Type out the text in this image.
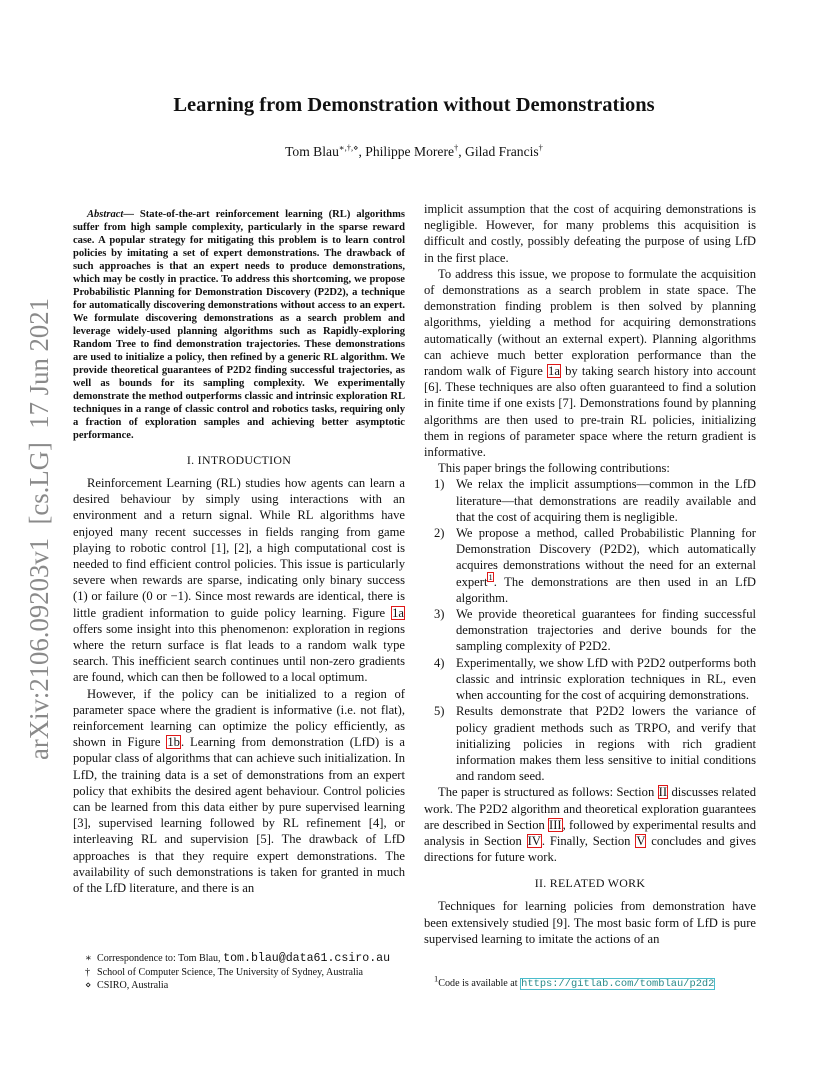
arXiv:2106.09203v1  [cs.LG]  17 Jun 2021
Learning from Demonstration without Demonstrations
Tom Blau∗,†,⋄, Philippe Morere†, Gilad Francis†

Abstract— State-of-the-art reinforcement learning (RL) algorithms suffer from high sample complexity, particularly in the sparse reward case. A popular strategy for mitigating this problem is to learn control policies by imitating a set of expert demonstrations. The drawback of such approaches is that an expert needs to produce demonstrations, which may be costly in practice. To address this shortcoming, we propose Probabilistic Planning for Demonstration Discovery (P2D2), a technique for automatically discovering demonstrations without access to an expert. We formulate discovering demonstrations as a search problem and leverage widely-used planning algorithms such as Rapidly-exploring Random Tree to find demonstration trajectories. These demonstrations are used to initialize a policy, then refined by a generic RL algorithm. We provide theoretical guarantees of P2D2 finding successful trajectories, as well as bounds for its sampling complexity. We experimentally demonstrate the method outperforms classic and intrinsic exploration RL techniques in a range of classic control and robotics tasks, requiring only a fraction of exploration samples and achieving better asymptotic performance.

I. INTRODUCTION

Reinforcement Learning (RL) studies how agents can learn a desired behaviour by simply using interactions with an environment and a return signal. While RL algorithms have enjoyed many recent successes in fields ranging from game playing to robotic control [1], [2], a high computational cost is needed to find efficient control policies. This issue is particularly severe when rewards are sparse, indicating only binary success (1) or failure (0 or −1). Since most rewards are identical, there is little gradient information to guide policy learning. Figure 1a offers some insight into this phenomenon: exploration in regions where the return surface is flat leads to a random walk type search. This inefficient search continues until non-zero gradients are found, which can then be followed to a local optimum.

However, if the policy can be initialized to a region of parameter space where the gradient is informative (i.e. not flat), reinforcement learning can optimize the policy efficiently, as shown in Figure 1b. Learning from demonstration (LfD) is a popular class of algorithms that can achieve such initialization. In LfD, the training data is a set of demonstrations from an expert policy that exhibits the desired agent behaviour. Control policies can be learned from this data either by pure supervised learning [3], supervised learning followed by RL refinement [4], or interleaving RL and supervision [5]. The drawback of LfD approaches is that they require expert demonstrations. The availability of such demonstrations is taken for granted in much of the LfD literature, and there is an

implicit assumption that the cost of acquiring demonstrations is negligible. However, for many problems this acquisition is difficult and costly, possibly defeating the purpose of using LfD in the first place.

To address this issue, we propose to formulate the acquisition of demonstrations as a search problem in state space. The demonstration finding problem is then solved by planning algorithms, yielding a method for acquiring demonstrations automatically (without an external expert). Planning algorithms can achieve much better exploration performance than the random walk of Figure 1a by taking search history into account [6]. These techniques are also often guaranteed to find a solution in finite time if one exists [7]. Demonstrations found by planning algorithms are then used to pre-train RL policies, initializing them in regions of parameter space where the return gradient is informative.

This paper brings the following contributions:

1) We relax the implicit assumptions—common in the LfD literature—that demonstrations are readily available and that the cost of acquiring them is negligible.
2) We propose a method, called Probabilistic Planning for Demonstration Discovery (P2D2), which automatically acquires demonstrations without the need for an external expert$^1$. The demonstrations are then used in an LfD algorithm.
3) We provide theoretical guarantees for finding successful demonstration trajectories and derive bounds for the sampling complexity of P2D2.
4) Experimentally, we show LfD with P2D2 outperforms both classic and intrinsic exploration techniques in RL, even when accounting for the cost of acquiring demonstrations.
5) Results demonstrate that P2D2 lowers the variance of policy gradient methods such as TRPO, and verify that initializing policies in regions with rich gradient information makes them less sensitive to initial conditions and random seed.

The paper is structured as follows: Section II discusses related work. The P2D2 algorithm and theoretical exploration guarantees are described in Section III, followed by experimental results and analysis in Section IV. Finally, Section V concludes and gives directions for future work.

II. RELATED WORK

Techniques for learning policies from demonstration have been extensively studied [9]. The most basic form of LfD is pure supervised learning to imitate the actions of an

∗ Correspondence to: Tom Blau, tom.blau@data61.csiro.au
† School of Computer Science, The University of Sydney, Australia
⋄ CSIRO, Australia
$^1$Code is available at https://gitlab.com/tomblau/p2d2
